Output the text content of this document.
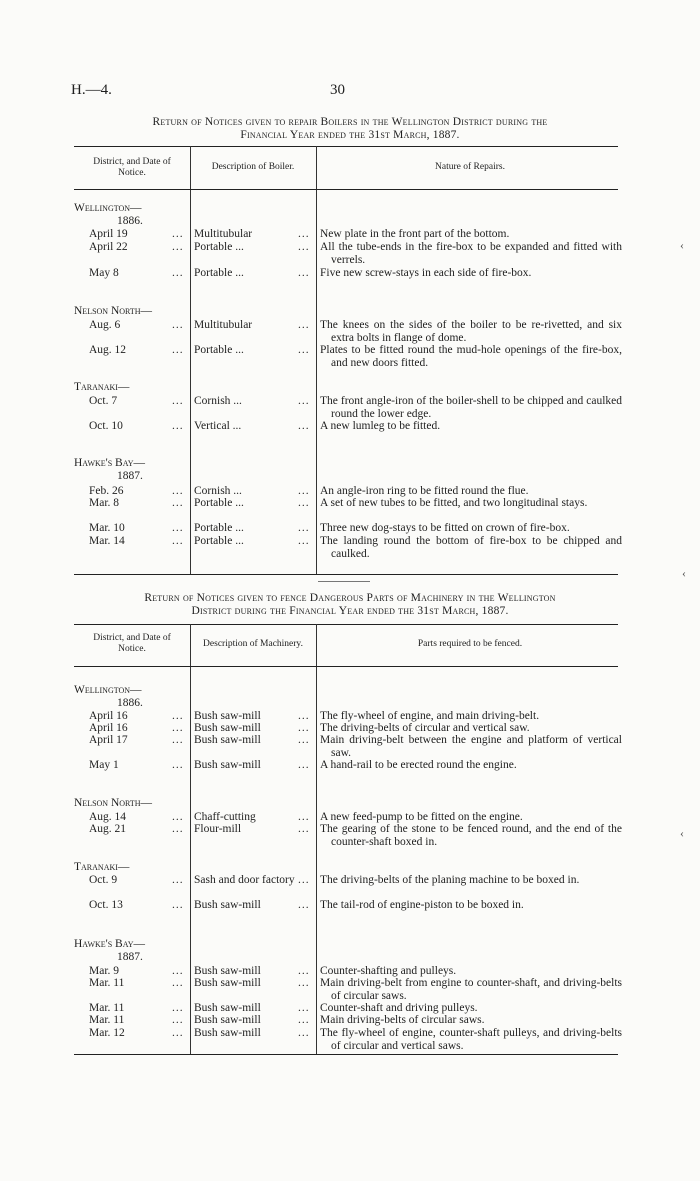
H.—4.	30
Return of Notices given to repair Boilers in the Wellington District during the
Financial Year ended the 31st March, 1887.
District, and Date of Notice.
Description of Boiler.	Nature of Repairs.
Wellington—
1886.
April 19	... Multitubular	... New plate in the front part of the bottom.
April 22	... Portable ...	... All the tube-ends in the fire-box to be expanded and fitted with verrels.
May 8	... Portable ...	... Five new screw-stays in each side of fire-box.
Nelson North—
Aug. 6	... Multitubular	... The knees on the sides of the boiler to be re-rivetted, and six extra bolts in flange of dome.
Aug. 12	... Portable ...	... Plates to be fitted round the mud-hole openings of the fire-box, and new doors fitted.
Taranaki—
Oct. 7	... Cornish ...	... The front angle-iron of the boiler-shell to be chipped and caulked round the lower edge.
Oct. 10	... Vertical ...	... A new lumleg to be fitted.
Hawke's Bay—
1887.
Feb. 26	... Cornish ...	... An angle-iron ring to be fitted round the flue.
Mar. 8	... Portable ...	... A set of new tubes to be fitted, and two longitudinal stays.
Mar. 10	... Portable ...	... Three new dog-stays to be fitted on crown of fire-box.
Mar. 14	... Portable ...	... The landing round the bottom of fire-box to be chipped and caulked.
Return of Notices given to fence Dangerous Parts of Machinery in the Wellington
District during the Financial Year ended the 31st March, 1887.
District, and Date of Notice.	Description of Machinery.	Parts required to be fenced.
Wellington—
1886.
April 16	... Bush saw-mill	... The fly-wheel of engine, and main driving-belt.
April 16	... Bush saw-mill	... The driving-belts of circular and vertical saw.
April 17	... Bush saw-mill	... Main driving-belt between the engine and platform of vertical saw.
May 1	... Bush saw-mill	... A hand-rail to be erected round the engine.
Nelson North—
Aug. 14	... Chaff-cutting	... A new feed-pump to be fitted on the engine.
Aug. 21	... Flour-mill	... The gearing of the stone to be fenced round, and the end of the counter-shaft boxed in.
Taranaki—
Oct. 9	... Sash and door factory ... The driving-belts of the planing machine to be boxed in.
Oct. 13	... Bush saw-mill	... The tail-rod of engine-piston to be boxed in.
Hawke's Bay—
1887.
Mar. 9	... Bush saw-mill	... Counter-shafting and pulleys.
Mar. 11	... Bush saw-mill	... Main driving-belt from engine to counter-shaft, and driving-belts of circular saws.
Mar. 11	... Bush saw-mill	... Counter-shaft and driving pulleys.
Mar. 11	... Bush saw-mill	... Main driving-belts of circular saws.
Mar. 12	... Bush saw-mill	... The fly-wheel of engine, counter-shaft pulleys, and driving-belts of circular and vertical saws.
‹
‹
‹
